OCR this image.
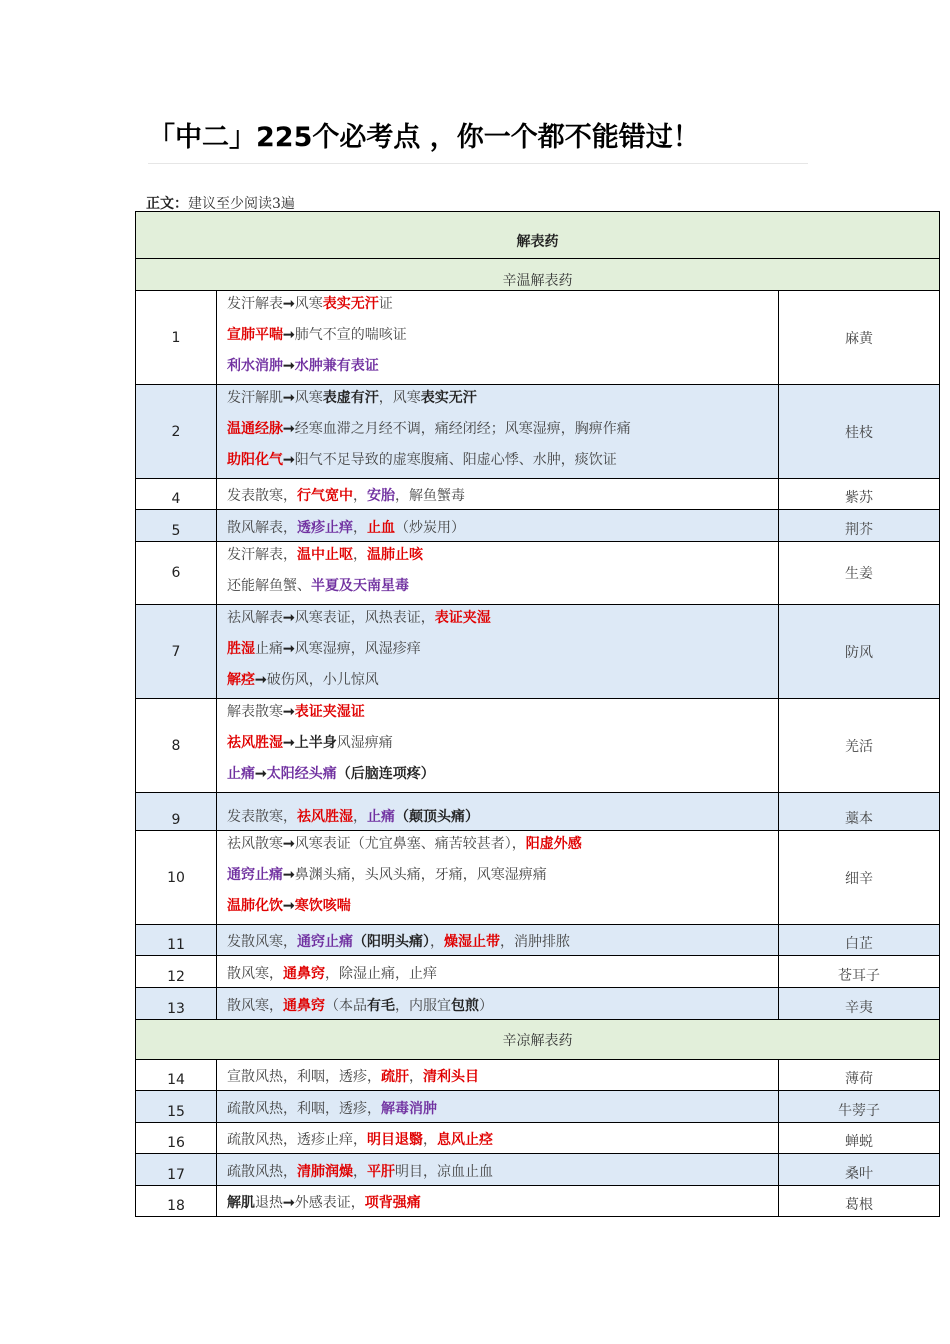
「中二」225个必考点 ，你一个都不能错过！
正文：建议至少阅读3遍
解表药		
辛温解表药		
1	发汗解表➞风寒表实无汗证
宣肺平喘➞肺气不宣的喘咳证
利水消肿➞水肿兼有表证	麻黄
2	发汗解肌➞风寒表虚有汗，风寒表实无汗
温通经脉➞经寒血滞之月经不调，痛经闭经；风寒湿痹，胸痹作痛
助阳化气➞阳气不足导致的虚寒腹痛、阳虚心悸、水肿，痰饮证	桂枝
4	发表散寒，行气宽中，安胎，解鱼蟹毒	紫苏
5	散风解表，透疹止痒，止血（炒炭用）	荆芥
6	发汗解表，温中止呕，温肺止咳
还能解鱼蟹、半夏及天南星毒	生姜
7	祛风解表➞风寒表证，风热表证，表证夹湿
胜湿止痛➞风寒湿痹，风湿疹痒
解痉➞破伤风，小儿惊风	防风
8	解表散寒➞表证夹湿证
祛风胜湿➞上半身风湿痹痛
止痛➞太阳经头痛（后脑连项疼）	羌活
9	发表散寒，祛风胜湿，止痛（颠顶头痛）	藁本
10	祛风散寒➞风寒表证（尤宜鼻塞、痛苦较甚者），阳虚外感
通窍止痛➞鼻渊头痛，头风头痛，牙痛，风寒湿痹痛
温肺化饮➞寒饮咳喘	细辛
11	发散风寒，通窍止痛（阳明头痛），燥湿止带，消肿排脓	白芷
12	散风寒，通鼻窍，除湿止痛，止痒	苍耳子
13	散风寒，通鼻窍（本品有毛，内服宜包煎）	辛夷
辛凉解表药		
14	宣散风热，利咽，透疹，疏肝，清利头目	薄荷
15	疏散风热，利咽，透疹，解毒消肿	牛蒡子
16	疏散风热，透疹止痒，明目退翳，息风止痉	蝉蜕
17	疏散风热，清肺润燥，平肝明目，凉血止血	桑叶
18	解肌退热➞外感表证，项背强痛	葛根
